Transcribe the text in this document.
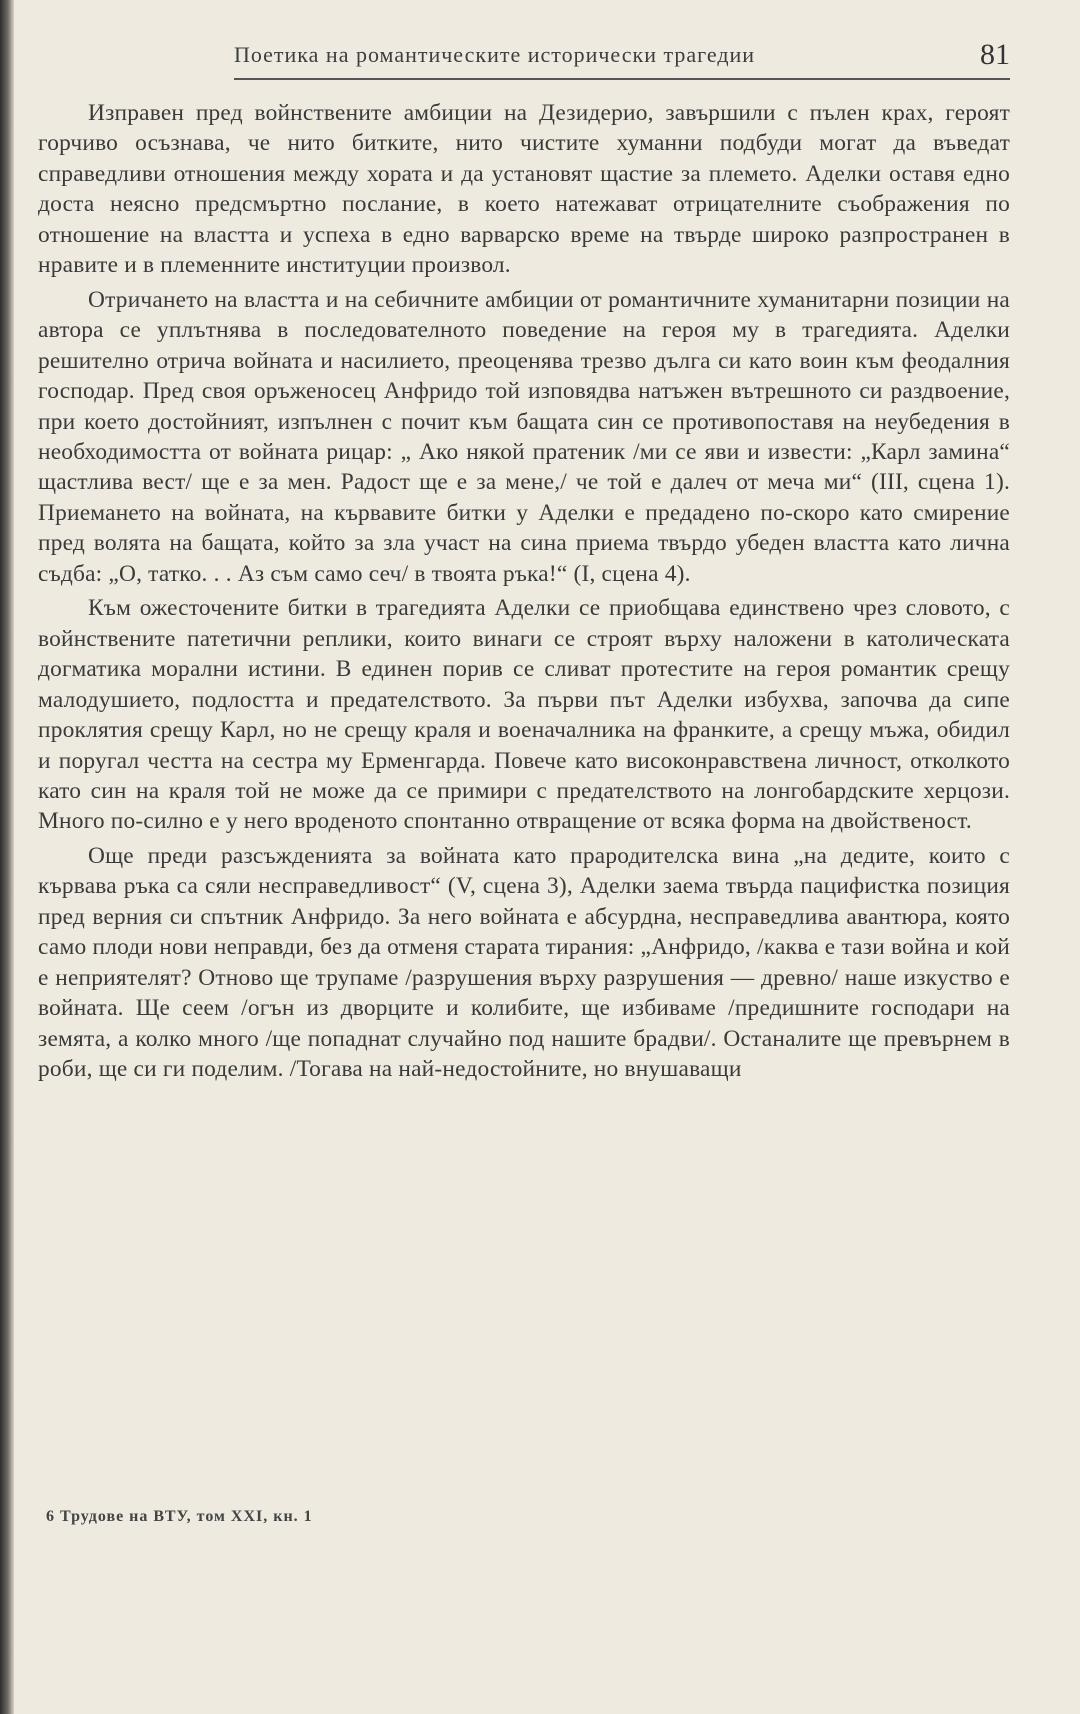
Поетика на романтическите исторически трагедии	81

Изправен пред войнствените амбиции на Дезидерио, завършили с пълен крах, героят горчиво осъзнава, че нито битките, нито чистите хуманни подбуди могат да въведат справедливи отношения между хората и да установят щастие за племето. Аделки оставя едно доста неясно предсмъртно послание, в което натежават отрицателните съображения по отношение на властта и успеха в едно варварско време на твърде широко разпространен в нравите и в племенните институции произвол.

Отричането на властта и на себичните амбиции от романтичните хуманитарни позиции на автора се уплътнява в последователното поведение на героя му в трагедията. Аделки решително отрича войната и насилието, преоценява трезво дълга си като воин към феодалния господар. Пред своя оръженосец Анфридо той изповядва натъжен вътрешното си раздвоение, при което достойният, изпълнен с почит към бащата син се противопоставя на неубедения в необходимостта от войната рицар: „ Ако някой пратеник /ми се яви и извести: „Карл замина“ щастлива вест/ ще е за мен. Радост ще е за мене,/ че той е далеч от меча ми“ (III, сцена 1). Приемането на войната, на кървавите битки у Аделки е предадено по-скоро като смирение пред волята на бащата, който за зла участ на сина приема твърдо убеден властта като лична съдба: „О, татко. . . Аз съм само сеч/ в твоята ръка!“ (I, сцена 4).

Към ожесточените битки в трагедията Аделки се приобщава единствено чрез словото, с войнствените патетични реплики, които винаги се строят върху наложени в католическата догматика морални истини. В единен порив се сливат протестите на героя романтик срещу малодушието, подлостта и предателството. За първи път Аделки избухва, започва да сипе проклятия срещу Карл, но не срещу краля и военачалника на франките, а срещу мъжа, обидил и поругал честта на сестра му Ерменгарда. Повече като високонравствена личност, отколкото като син на краля той не може да се примири с предателството на лонгобардските херцози. Много по-силно е у него вроденото спонтанно отвращение от всяка форма на двойственост.

Още преди разсъжденията за войната като прародителска вина „на дедите, които с кървава ръка са сяли несправедливост“ (V, сцена 3), Аделки заема твърда пацифистка позиция пред верния си спътник Анфридо. За него войната е абсурдна, несправедлива авантюра, която само плоди нови неправди, без да отменя старата тирания: „Анфридо, /каква е тази война и кой е неприятелят? Отново ще трупаме /разрушения върху разрушения — древно/ наше изкуство е войната. Ще сеем /огън из дворците и колибите, ще избиваме /предишните господари на земята, а колко много /ще попаднат случайно под нашите брадви/. Останалите ще превърнем в роби, ще си ги поделим. /Тогава на най-недостойните, но внушаващи

6 Трудове на ВТУ, том XXI, кн. 1
